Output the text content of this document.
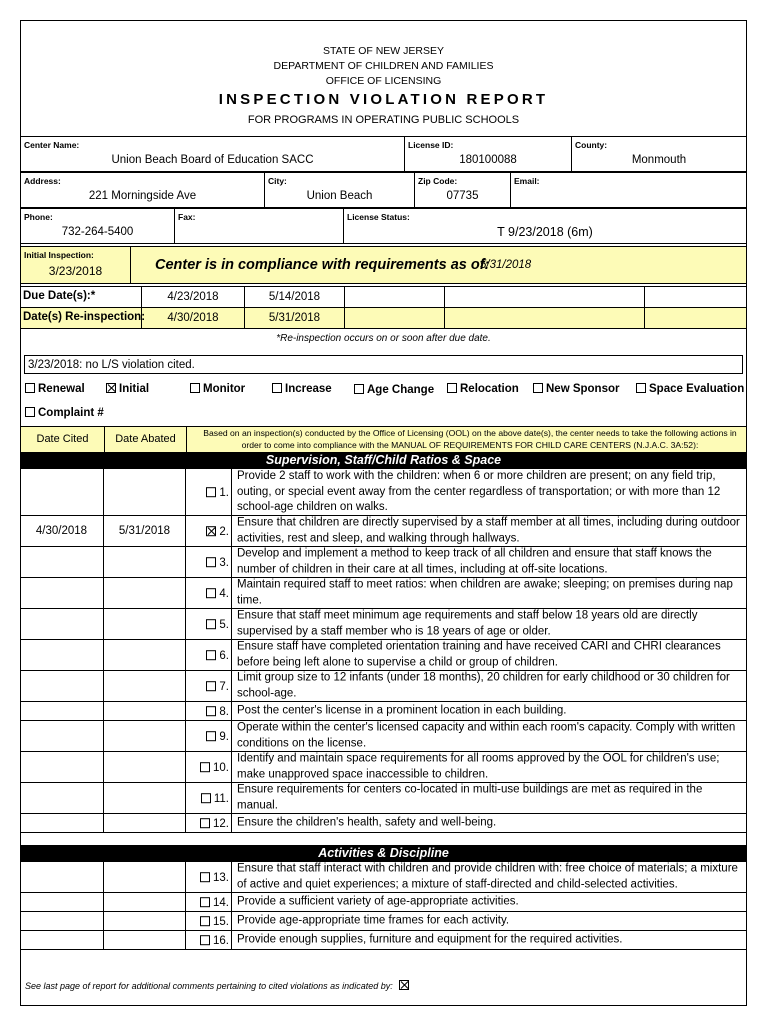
STATE OF NEW JERSEY
DEPARTMENT OF CHILDREN AND FAMILIES
OFFICE OF LICENSING
INSPECTION VIOLATION REPORT
FOR PROGRAMS IN OPERATING PUBLIC SCHOOLS
Center Name:
Union Beach Board of Education SACC
License ID:
180100088
County:
Monmouth
Address:
221 Morningside Ave
City:
Union Beach
Zip Code:
07735
Email:
Phone:
732-264-5400
Fax:	License Status:
T 9/23/2018 (6m)
Initial Inspection:
3/23/2018	Center is in compliance with requirements as of:
5/31/2018
Due Date(s):*	4/23/2018	5/14/2018
Date(s) Re-inspection:	4/30/2018	5/31/2018
*Re-inspection occurs on or soon after due date.
3/23/2018: no L/S violation cited.
Renewal	Initial	Monitor	Increase	Age Change	Relocation	New Sponsor	Space Evaluation
Complaint #
Date Cited	Date Abated	Based on an inspection(s) conducted by the Office of Licensing (OOL) on the above date(s), the center needs to take the following actions in order to come into compliance with the MANUAL OF REQUIREMENTS FOR CHILD CARE CENTERS (N.J.A.C. 3A:52):
Supervision, Staff/Child Ratios & Space
1.
Provide 2 staff to work with the children: when 6 or more children are present; on any field trip, outing, or special event away from the center regardless of transportation; or with more than 12 school-age children on walks.
4/30/2018	5/31/2018	2.
Ensure that children are directly supervised by a staff member at all times, including during outdoor activities, rest and sleep, and walking through hallways.
3.
Develop and implement a method to keep track of all children and ensure that staff knows the number of children in their care at all times, including at off-site locations.
4.
Maintain required staff to meet ratios: when children are awake; sleeping; on premises during nap time.
5.
Ensure that staff meet minimum age requirements and staff below 18 years old are directly supervised by a staff member who is 18 years of age or older.
6.
Ensure staff have completed orientation training and have received CARI and CHRI clearances before being left alone to supervise a child or group of children.
7.
Limit group size to 12 infants (under 18 months), 20 children for early childhood or 30 children for school-age.
8. Post the center's license in a prominent location in each building.
9.
Operate within the center's licensed capacity and within each room's capacity. Comply with written conditions on the license.
10.
Identify and maintain space requirements for all rooms approved by the OOL for children's use; make unapproved space inaccessible to children.
11.
Ensure requirements for centers co-located in multi-use buildings are met as required in the manual.
12. Ensure the children's health, safety and well-being.
Activities & Discipline
13.
Ensure that staff interact with children and provide children with: free choice of materials; a mixture of active and quiet experiences; a mixture of staff-directed and child-selected activities.
14. Provide a sufficient variety of age-appropriate activities.
15. Provide age-appropriate time frames for each activity.
16. Provide enough supplies, furniture and equipment for the required activities.
See last page of report for additional comments pertaining to cited violations as indicated by:
